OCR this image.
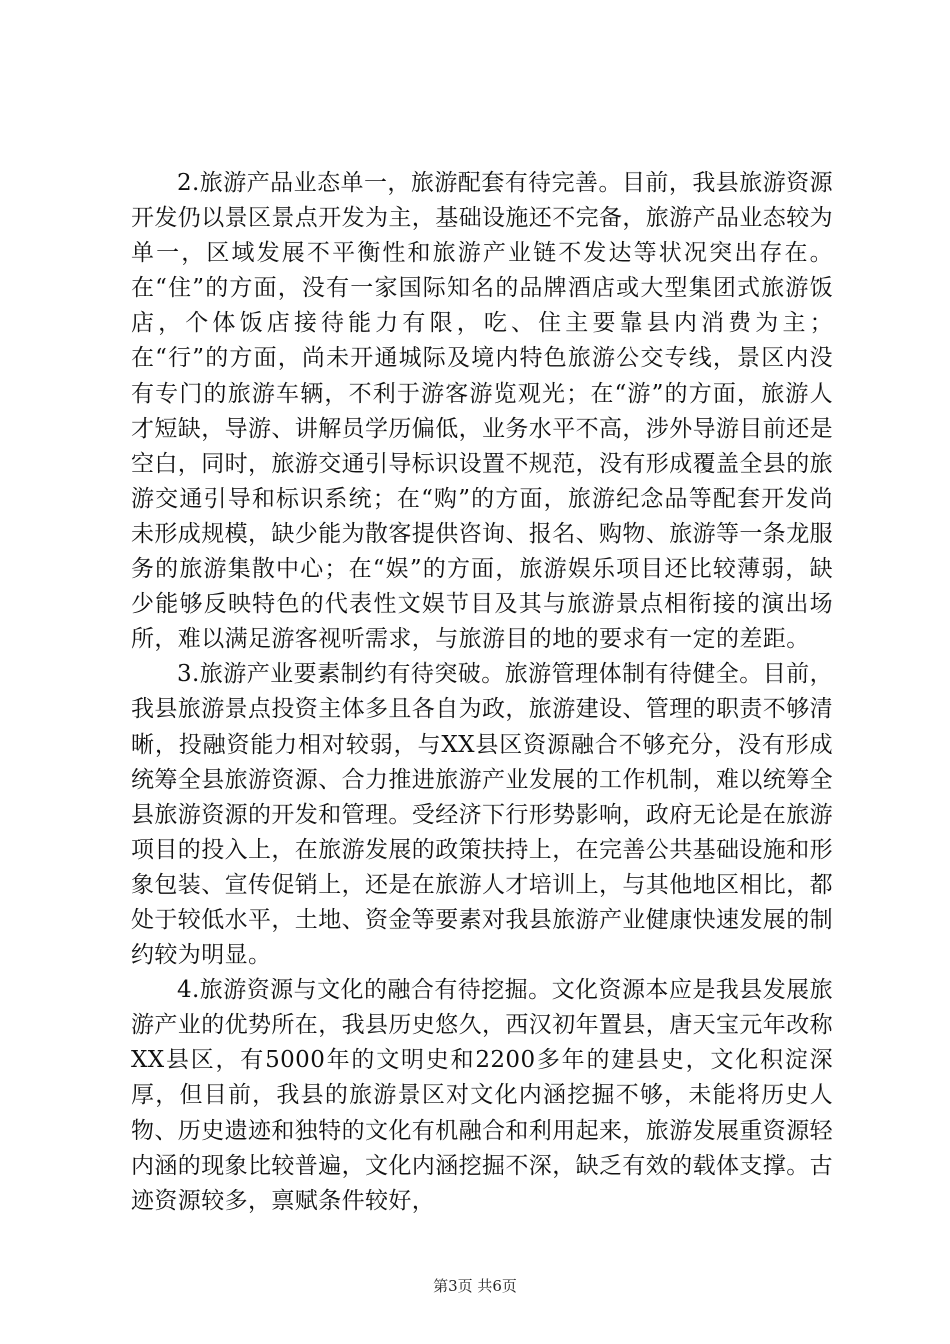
2.旅游产品业态单一，旅游配套有待完善。目前，我县旅游资源开发仍以景区景点开发为主，基础设施还不完备，旅游产品业态较为单一，区域发展不平衡性和旅游产业链不发达等状况突出存在。在“住”的方面，没有一家国际知名的品牌酒店或大型集团式旅游饭店，个体饭店接待能力有限，吃、住主要靠县内消费为主；在“行”的方面，尚未开通城际及境内特色旅游公交专线，景区内没有专门的旅游车辆，不利于游客游览观光；在“游”的方面，旅游人才短缺，导游、讲解员学历偏低，业务水平不高，涉外导游目前还是空白，同时，旅游交通引导标识设置不规范，没有形成覆盖全县的旅游交通引导和标识系统；在“购”的方面，旅游纪念品等配套开发尚未形成规模，缺少能为散客提供咨询、报名、购物、旅游等一条龙服务的旅游集散中心；在“娱”的方面，旅游娱乐项目还比较薄弱，缺少能够反映特色的代表性文娱节目及其与旅游景点相衔接的演出场所，难以满足游客视听需求，与旅游目的地的要求有一定的差距。

3.旅游产业要素制约有待突破。旅游管理体制有待健全。目前，我县旅游景点投资主体多且各自为政，旅游建设、管理的职责不够清晰，投融资能力相对较弱，与XX县区资源融合不够充分，没有形成统筹全县旅游资源、合力推进旅游产业发展的工作机制，难以统筹全县旅游资源的开发和管理。受经济下行形势影响，政府无论是在旅游项目的投入上，在旅游发展的政策扶持上，在完善公共基础设施和形象包装、宣传促销上，还是在旅游人才培训上，与其他地区相比，都处于较低水平，土地、资金等要素对我县旅游产业健康快速发展的制约较为明显。

4.旅游资源与文化的融合有待挖掘。文化资源本应是我县发展旅游产业的优势所在，我县历史悠久，西汉初年置县，唐天宝元年改称XX县区，有5000年的文明史和2200多年的建县史，文化积淀深厚，但目前，我县的旅游景区对文化内涵挖掘不够，未能将历史人物、历史遗迹和独特的文化有机融合和利用起来，旅游发展重资源轻内涵的现象比较普遍，文化内涵挖掘不深，缺乏有效的载体支撑。古迹资源较多，禀赋条件较好，

第3页 共6页
